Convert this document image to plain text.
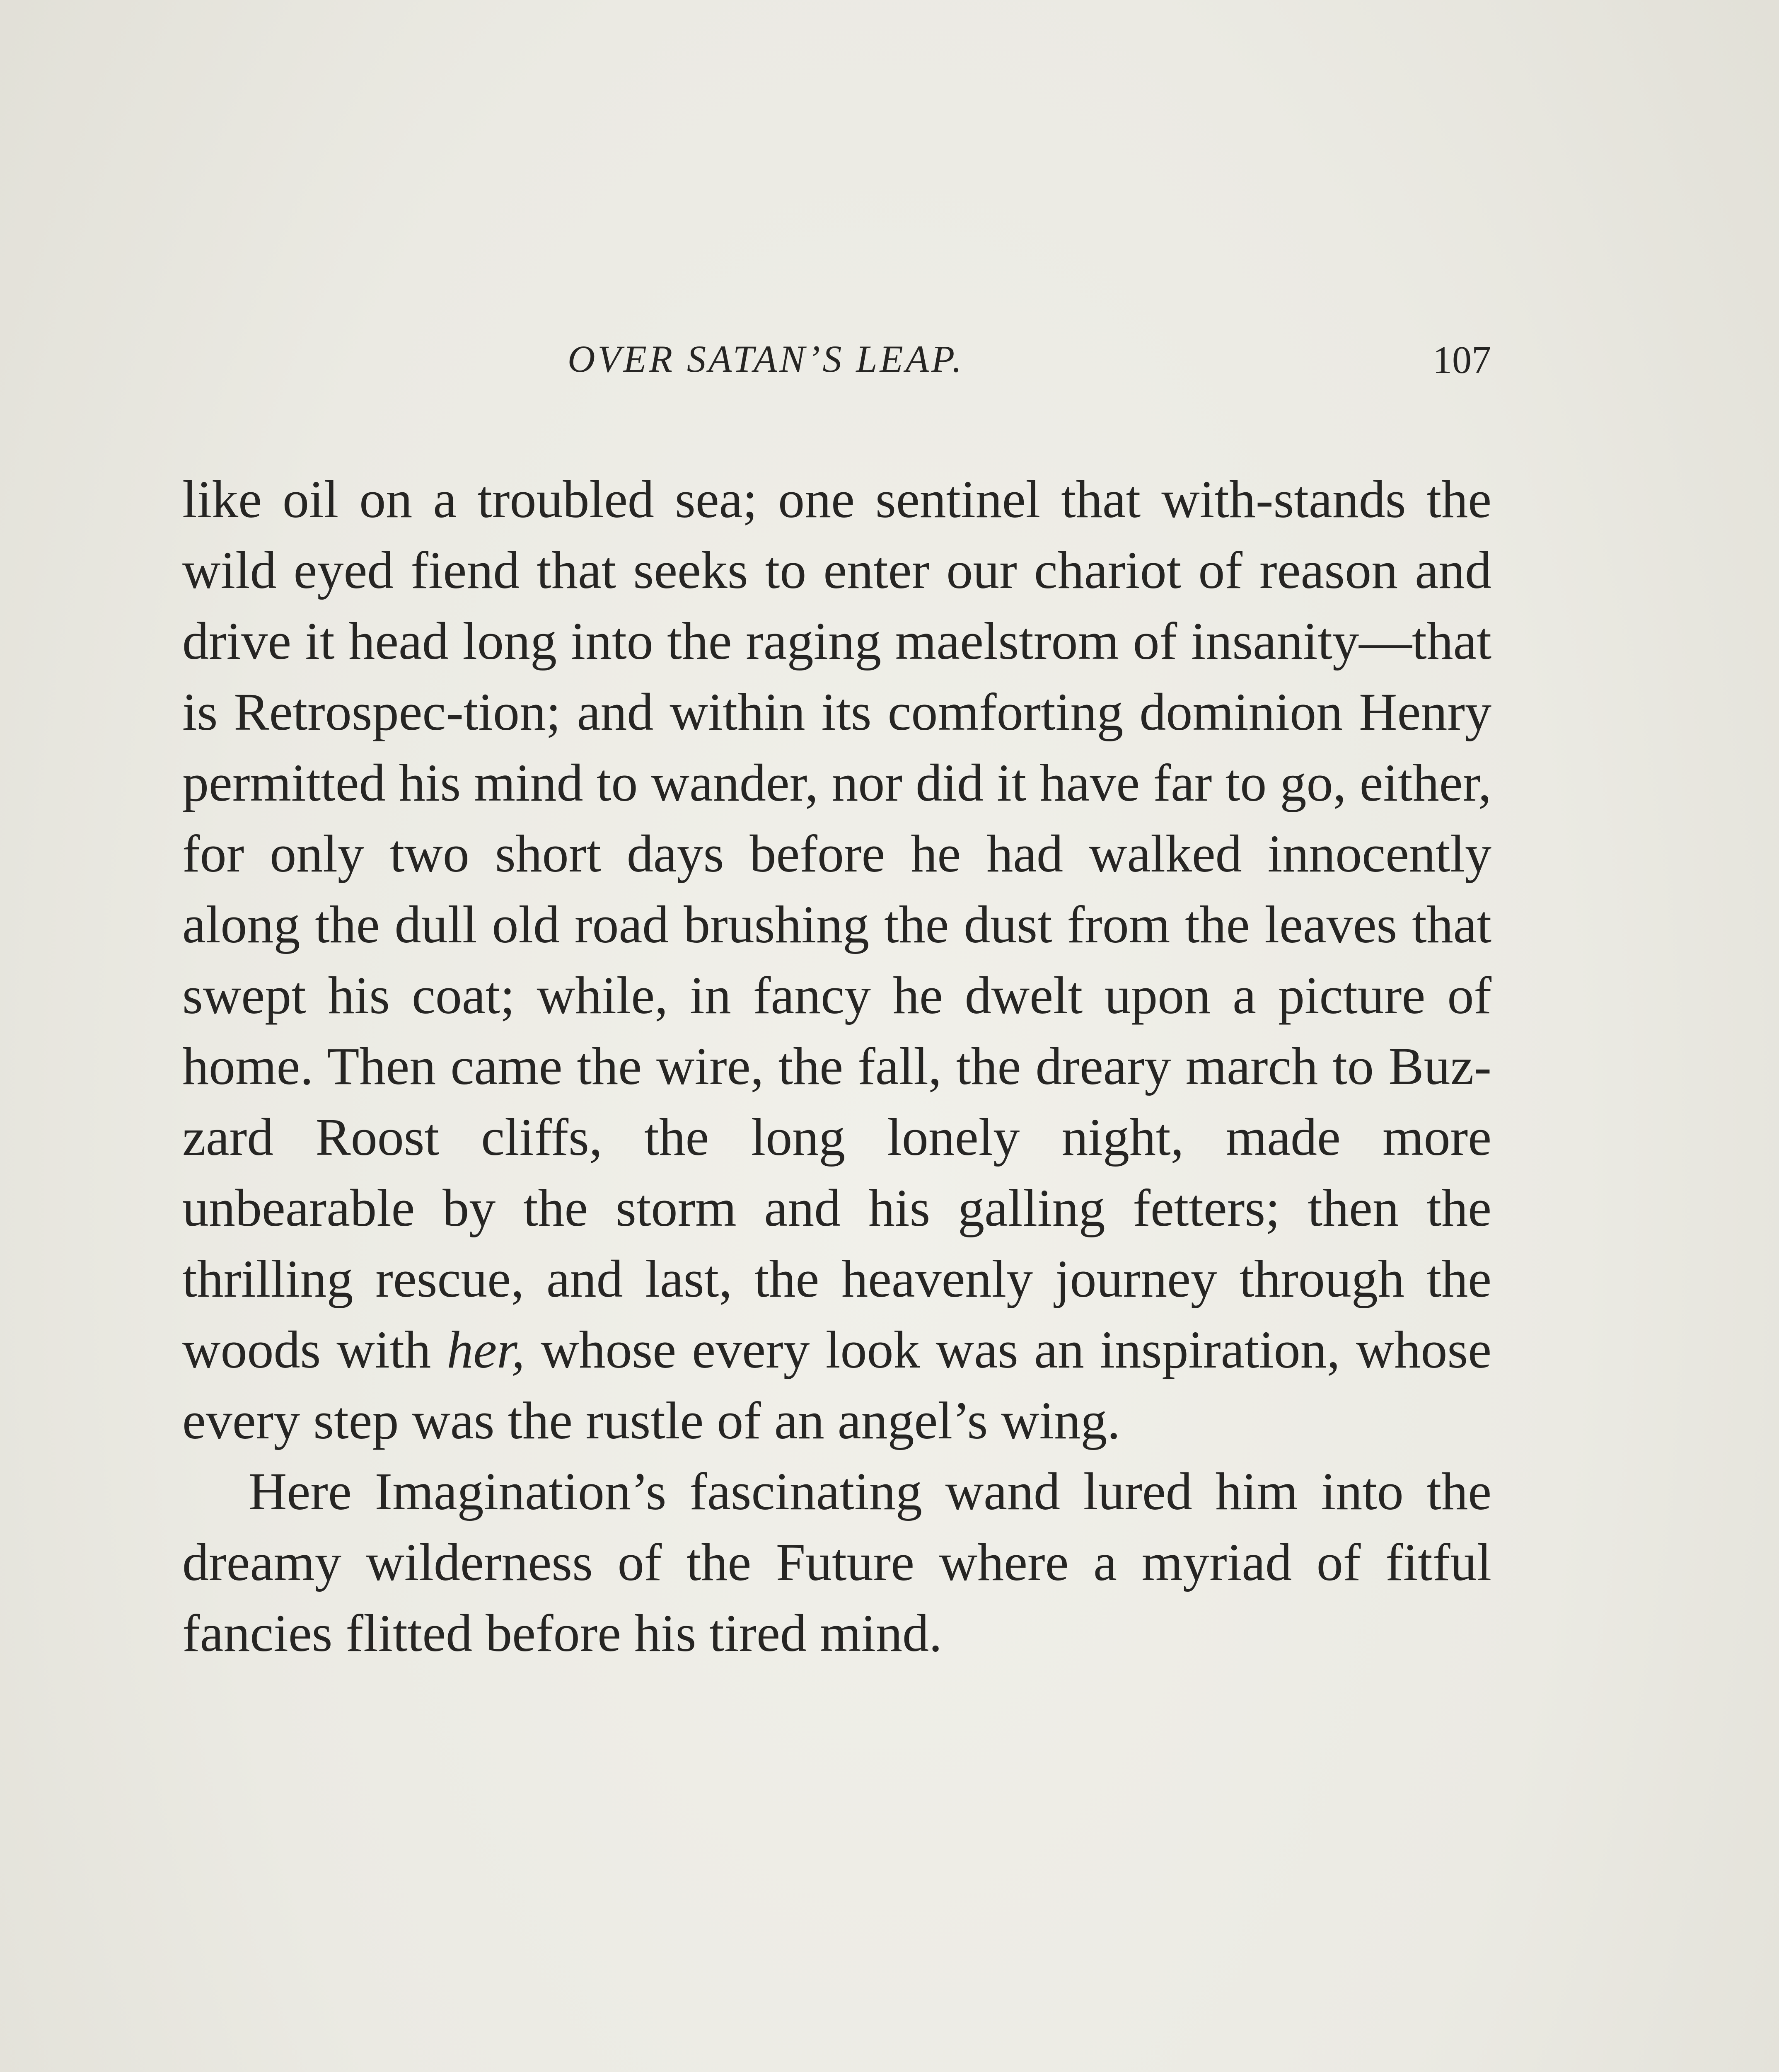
OVER SATAN’S LEAP.	107

like oil on a troubled sea; one sentinel that with-stands the wild eyed fiend that seeks to enter our chariot of reason and drive it head long into the raging maelstrom of insanity—that is Retrospec-tion; and within its comforting dominion Henry permitted his mind to wander, nor did it have far to go, either, for only two short days before he had walked innocently along the dull old road brushing the dust from the leaves that swept his coat; while, in fancy he dwelt upon a picture of home. Then came the wire, the fall, the dreary march to Buz-zard Roost cliffs, the long lonely night, made more unbearable by the storm and his galling fetters; then the thrilling rescue, and last, the heavenly journey through the woods with her, whose every look was an inspiration, whose every step was the rustle of an angel’s wing.

Here Imagination’s fascinating wand lured him into the dreamy wilderness of the Future where a myriad of fitful fancies flitted before his tired mind.
